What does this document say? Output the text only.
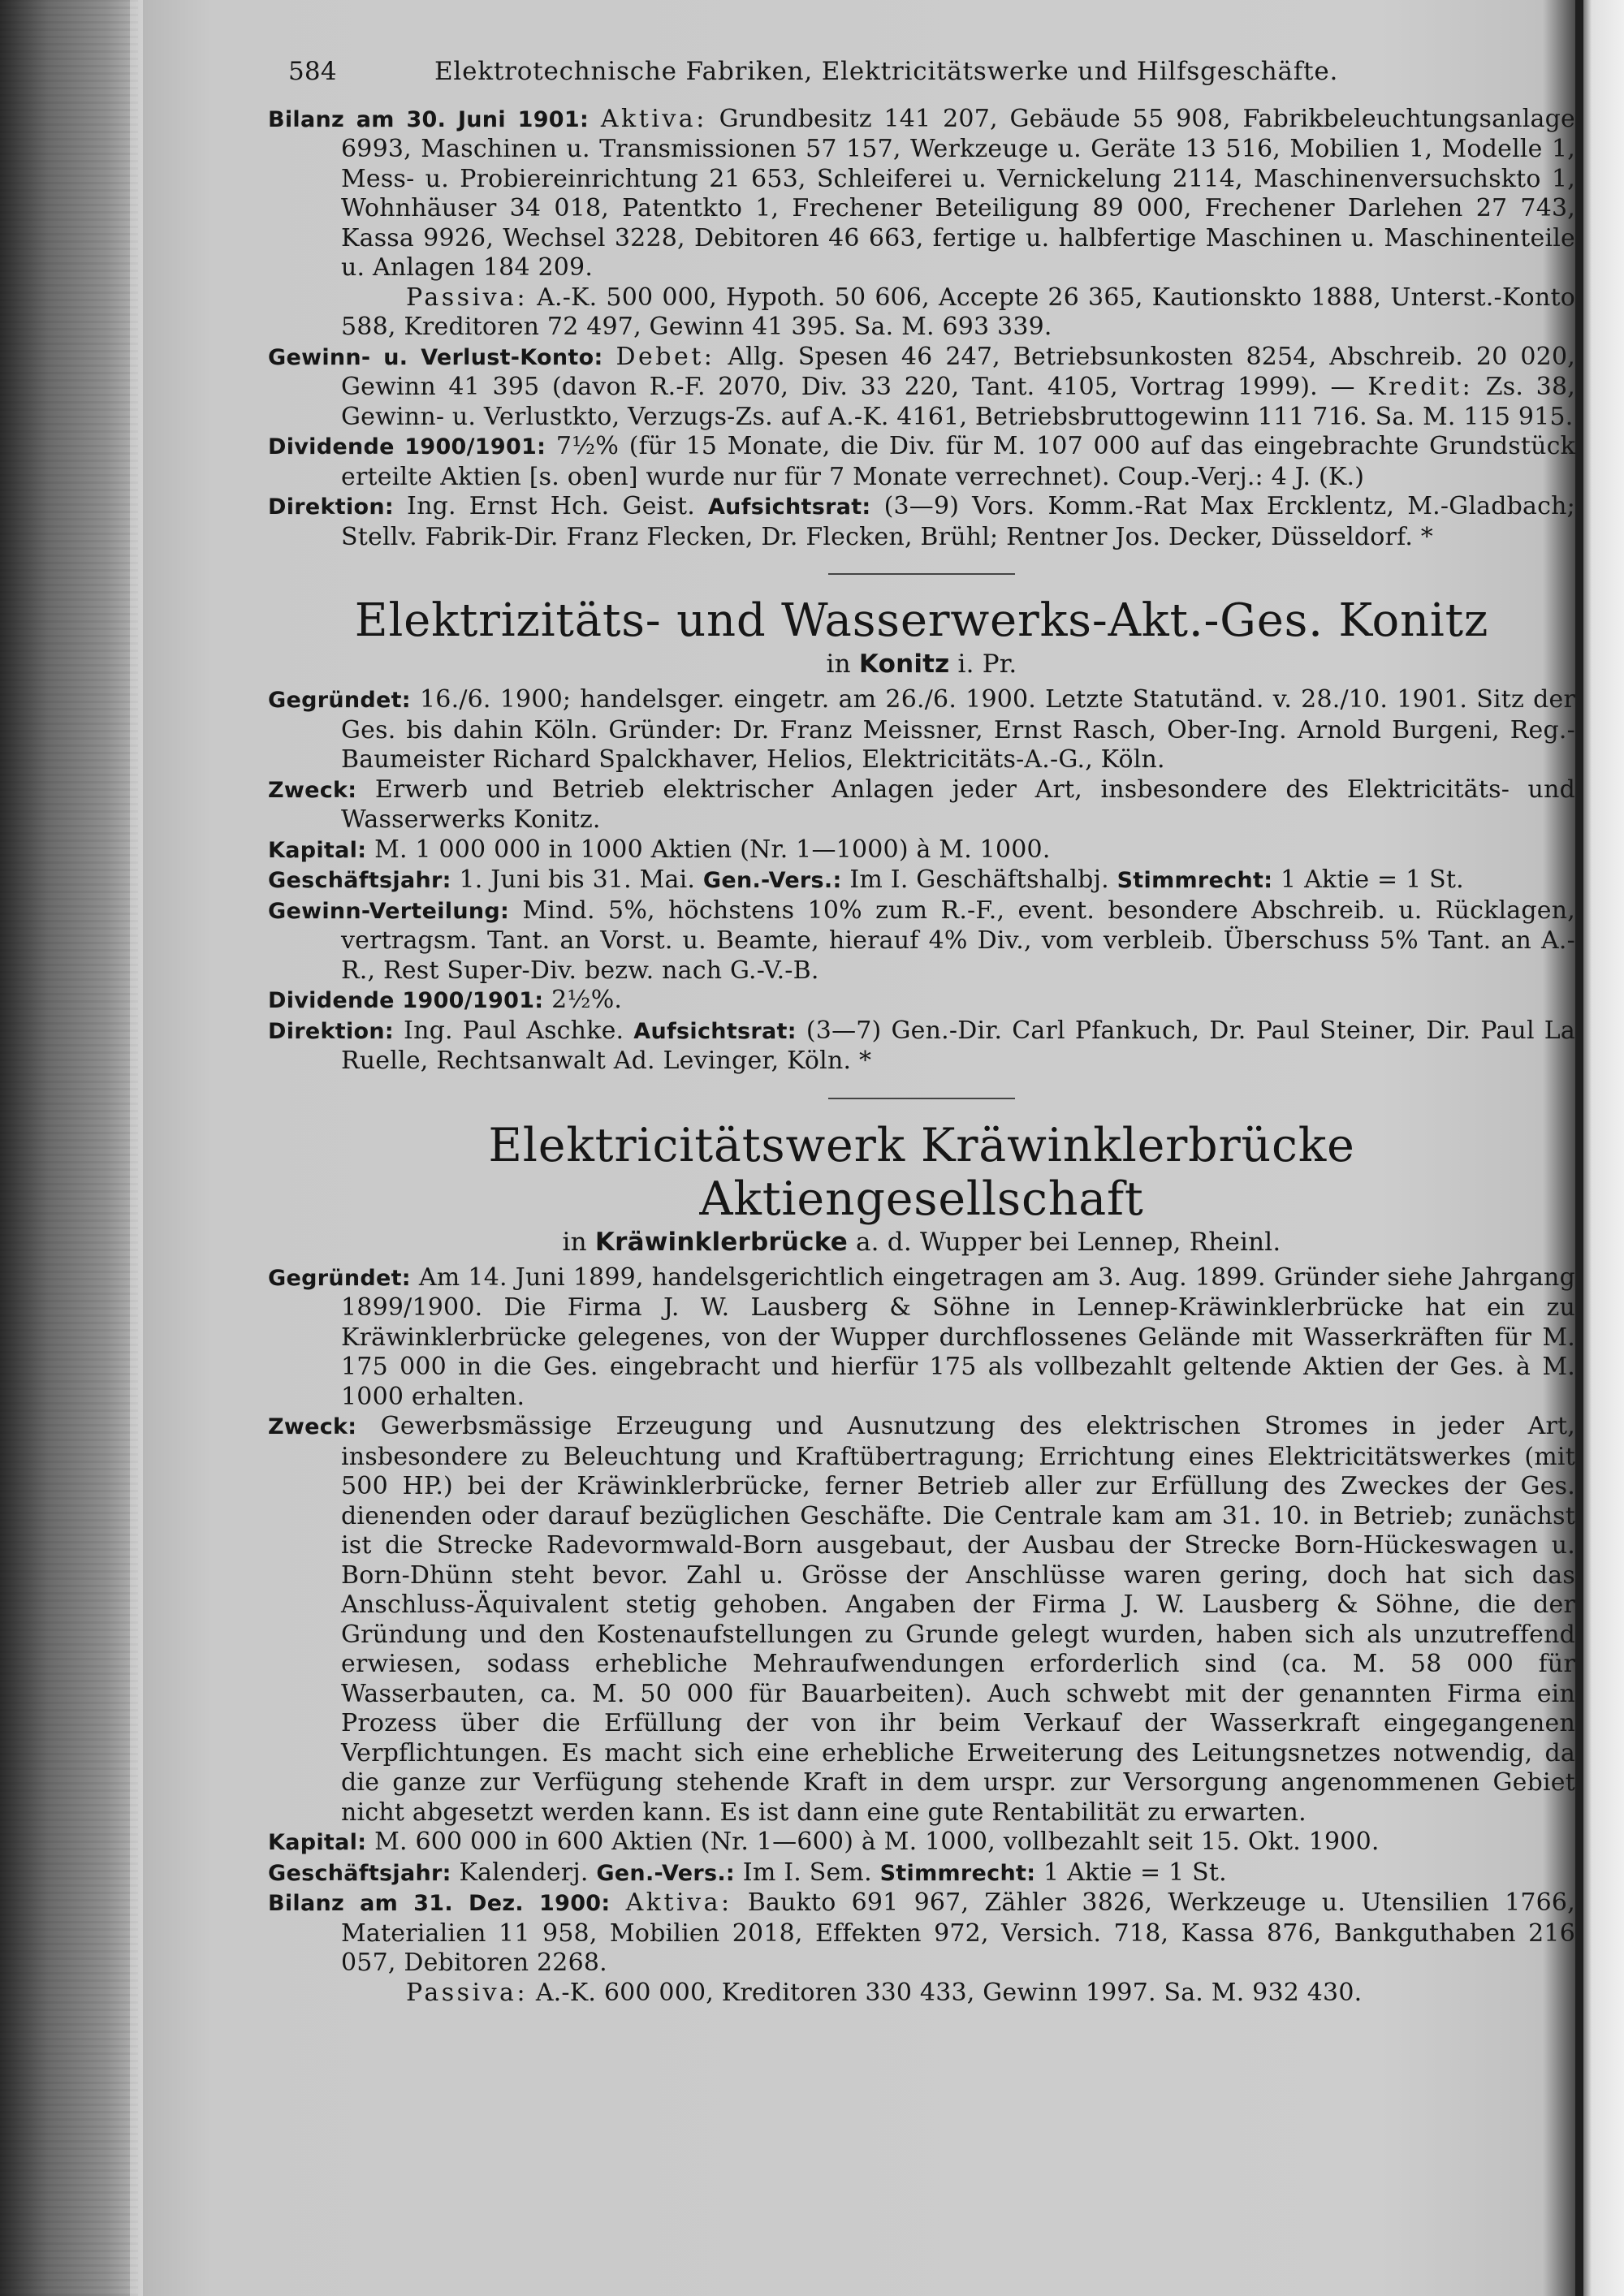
584	Elektrotechnische Fabriken, Elektricitätswerke und Hilfsgeschäfte.

Bilanz am 30. Juni 1901: Aktiva: Grundbesitz 141 207, Gebäude 55 908, Fabrikbeleuchtungsanlage 6993, Maschinen u. Transmissionen 57 157, Werkzeuge u. Geräte 13 516, Mobilien 1, Modelle 1, Mess- u. Probiereinrichtung 21 653, Schleiferei u. Vernickelung 2114, Maschinenversuchskto 1, Wohnhäuser 34 018, Patentkto 1, Frechener Beteiligung 89 000, Frechener Darlehen 27 743, Kassa 9926, Wechsel 3228, Debitoren 46 663, fertige u. halbfertige Maschinen u. Maschinenteile u. Anlagen 184 209.

Passiva: A.-K. 500 000, Hypoth. 50 606, Accepte 26 365, Kautionskto 1888, Unterst.-Konto 588, Kreditoren 72 497, Gewinn 41 395. Sa. M. 693 339.

Gewinn- u. Verlust-Konto: Debet: Allg. Spesen 46 247, Betriebsunkosten 8254, Abschreib. 20 020, Gewinn 41 395 (davon R.-F. 2070, Div. 33 220, Tant. 4105, Vortrag 1999). — Kredit: Zs. 38, Gewinn- u. Verlustkto, Verzugs-Zs. auf A.-K. 4161, Betriebsbruttogewinn 111 716. Sa. M. 115 915.

Dividende 1900/1901: 7½% (für 15 Monate, die Div. für M. 107 000 auf das eingebrachte Grundstück erteilte Aktien [s. oben] wurde nur für 7 Monate verrechnet). Coup.-Verj.: 4 J. (K.)

Direktion: Ing. Ernst Hch. Geist. Aufsichtsrat: (3—9) Vors. Komm.-Rat Max Ercklentz, M.-Gladbach; Stellv. Fabrik-Dir. Franz Flecken, Dr. Flecken, Brühl; Rentner Jos. Decker, Düsseldorf. *

Elektrizitäts- und Wasserwerks-Akt.-Ges. Konitz
in Konitz i. Pr.

Gegründet: 16./6. 1900; handelsger. eingetr. am 26./6. 1900. Letzte Statutänd. v. 28./10. 1901. Sitz der Ges. bis dahin Köln. Gründer: Dr. Franz Meissner, Ernst Rasch, Ober-Ing. Arnold Burgeni, Reg.-Baumeister Richard Spalckhaver, Helios, Elektricitäts-A.-G., Köln.

Zweck: Erwerb und Betrieb elektrischer Anlagen jeder Art, insbesondere des Elektricitäts- und Wasserwerks Konitz.

Kapital: M. 1 000 000 in 1000 Aktien (Nr. 1—1000) à M. 1000.

Geschäftsjahr: 1. Juni bis 31. Mai. Gen.-Vers.: Im I. Geschäftshalbj. Stimmrecht: 1 Aktie = 1 St.

Gewinn-Verteilung: Mind. 5%, höchstens 10% zum R.-F., event. besondere Abschreib. u. Rücklagen, vertragsm. Tant. an Vorst. u. Beamte, hierauf 4% Div., vom verbleib. Überschuss 5% Tant. an A.-R., Rest Super-Div. bezw. nach G.-V.-B.

Dividende 1900/1901: 2½%.

Direktion: Ing. Paul Aschke. Aufsichtsrat: (3—7) Gen.-Dir. Carl Pfankuch, Dr. Paul Steiner, Dir. Paul La Ruelle, Rechtsanwalt Ad. Levinger, Köln. *

Elektricitätswerk Kräwinklerbrücke Aktiengesellschaft
in Kräwinklerbrücke a. d. Wupper bei Lennep, Rheinl.

Gegründet: Am 14. Juni 1899, handelsgerichtlich eingetragen am 3. Aug. 1899. Gründer siehe Jahrgang 1899/1900. Die Firma J. W. Lausberg & Söhne in Lennep-Kräwinklerbrücke hat ein zu Kräwinklerbrücke gelegenes, von der Wupper durchflossenes Gelände mit Wasserkräften für M. 175 000 in die Ges. eingebracht und hierfür 175 als vollbezahlt geltende Aktien der Ges. à M. 1000 erhalten.

Zweck: Gewerbsmässige Erzeugung und Ausnutzung des elektrischen Stromes in jeder Art, insbesondere zu Beleuchtung und Kraftübertragung; Errichtung eines Elektricitätswerkes (mit 500 HP.) bei der Kräwinklerbrücke, ferner Betrieb aller zur Erfüllung des Zweckes der Ges. dienenden oder darauf bezüglichen Geschäfte. Die Centrale kam am 31. 10. in Betrieb; zunächst ist die Strecke Radevormwald-Born ausgebaut, der Ausbau der Strecke Born-Hückeswagen u. Born-Dhünn steht bevor. Zahl u. Grösse der Anschlüsse waren gering, doch hat sich das Anschluss-Äquivalent stetig gehoben. Angaben der Firma J. W. Lausberg & Söhne, die der Gründung und den Kostenaufstellungen zu Grunde gelegt wurden, haben sich als unzutreffend erwiesen, sodass erhebliche Mehraufwendungen erforderlich sind (ca. M. 58 000 für Wasserbauten, ca. M. 50 000 für Bauarbeiten). Auch schwebt mit der genannten Firma ein Prozess über die Erfüllung der von ihr beim Verkauf der Wasserkraft eingegangenen Verpflichtungen. Es macht sich eine erhebliche Erweiterung des Leitungsnetzes notwendig, da die ganze zur Verfügung stehende Kraft in dem urspr. zur Versorgung angenommenen Gebiet nicht abgesetzt werden kann. Es ist dann eine gute Rentabilität zu erwarten.

Kapital: M. 600 000 in 600 Aktien (Nr. 1—600) à M. 1000, vollbezahlt seit 15. Okt. 1900.

Geschäftsjahr: Kalenderj. Gen.-Vers.: Im I. Sem. Stimmrecht: 1 Aktie = 1 St.

Bilanz am 31. Dez. 1900: Aktiva: Baukto 691 967, Zähler 3826, Werkzeuge u. Utensilien 1766, Materialien 11 958, Mobilien 2018, Effekten 972, Versich. 718, Kassa 876, Bankguthaben 216 057, Debitoren 2268.

Passiva: A.-K. 600 000, Kreditoren 330 433, Gewinn 1997. Sa. M. 932 430.
